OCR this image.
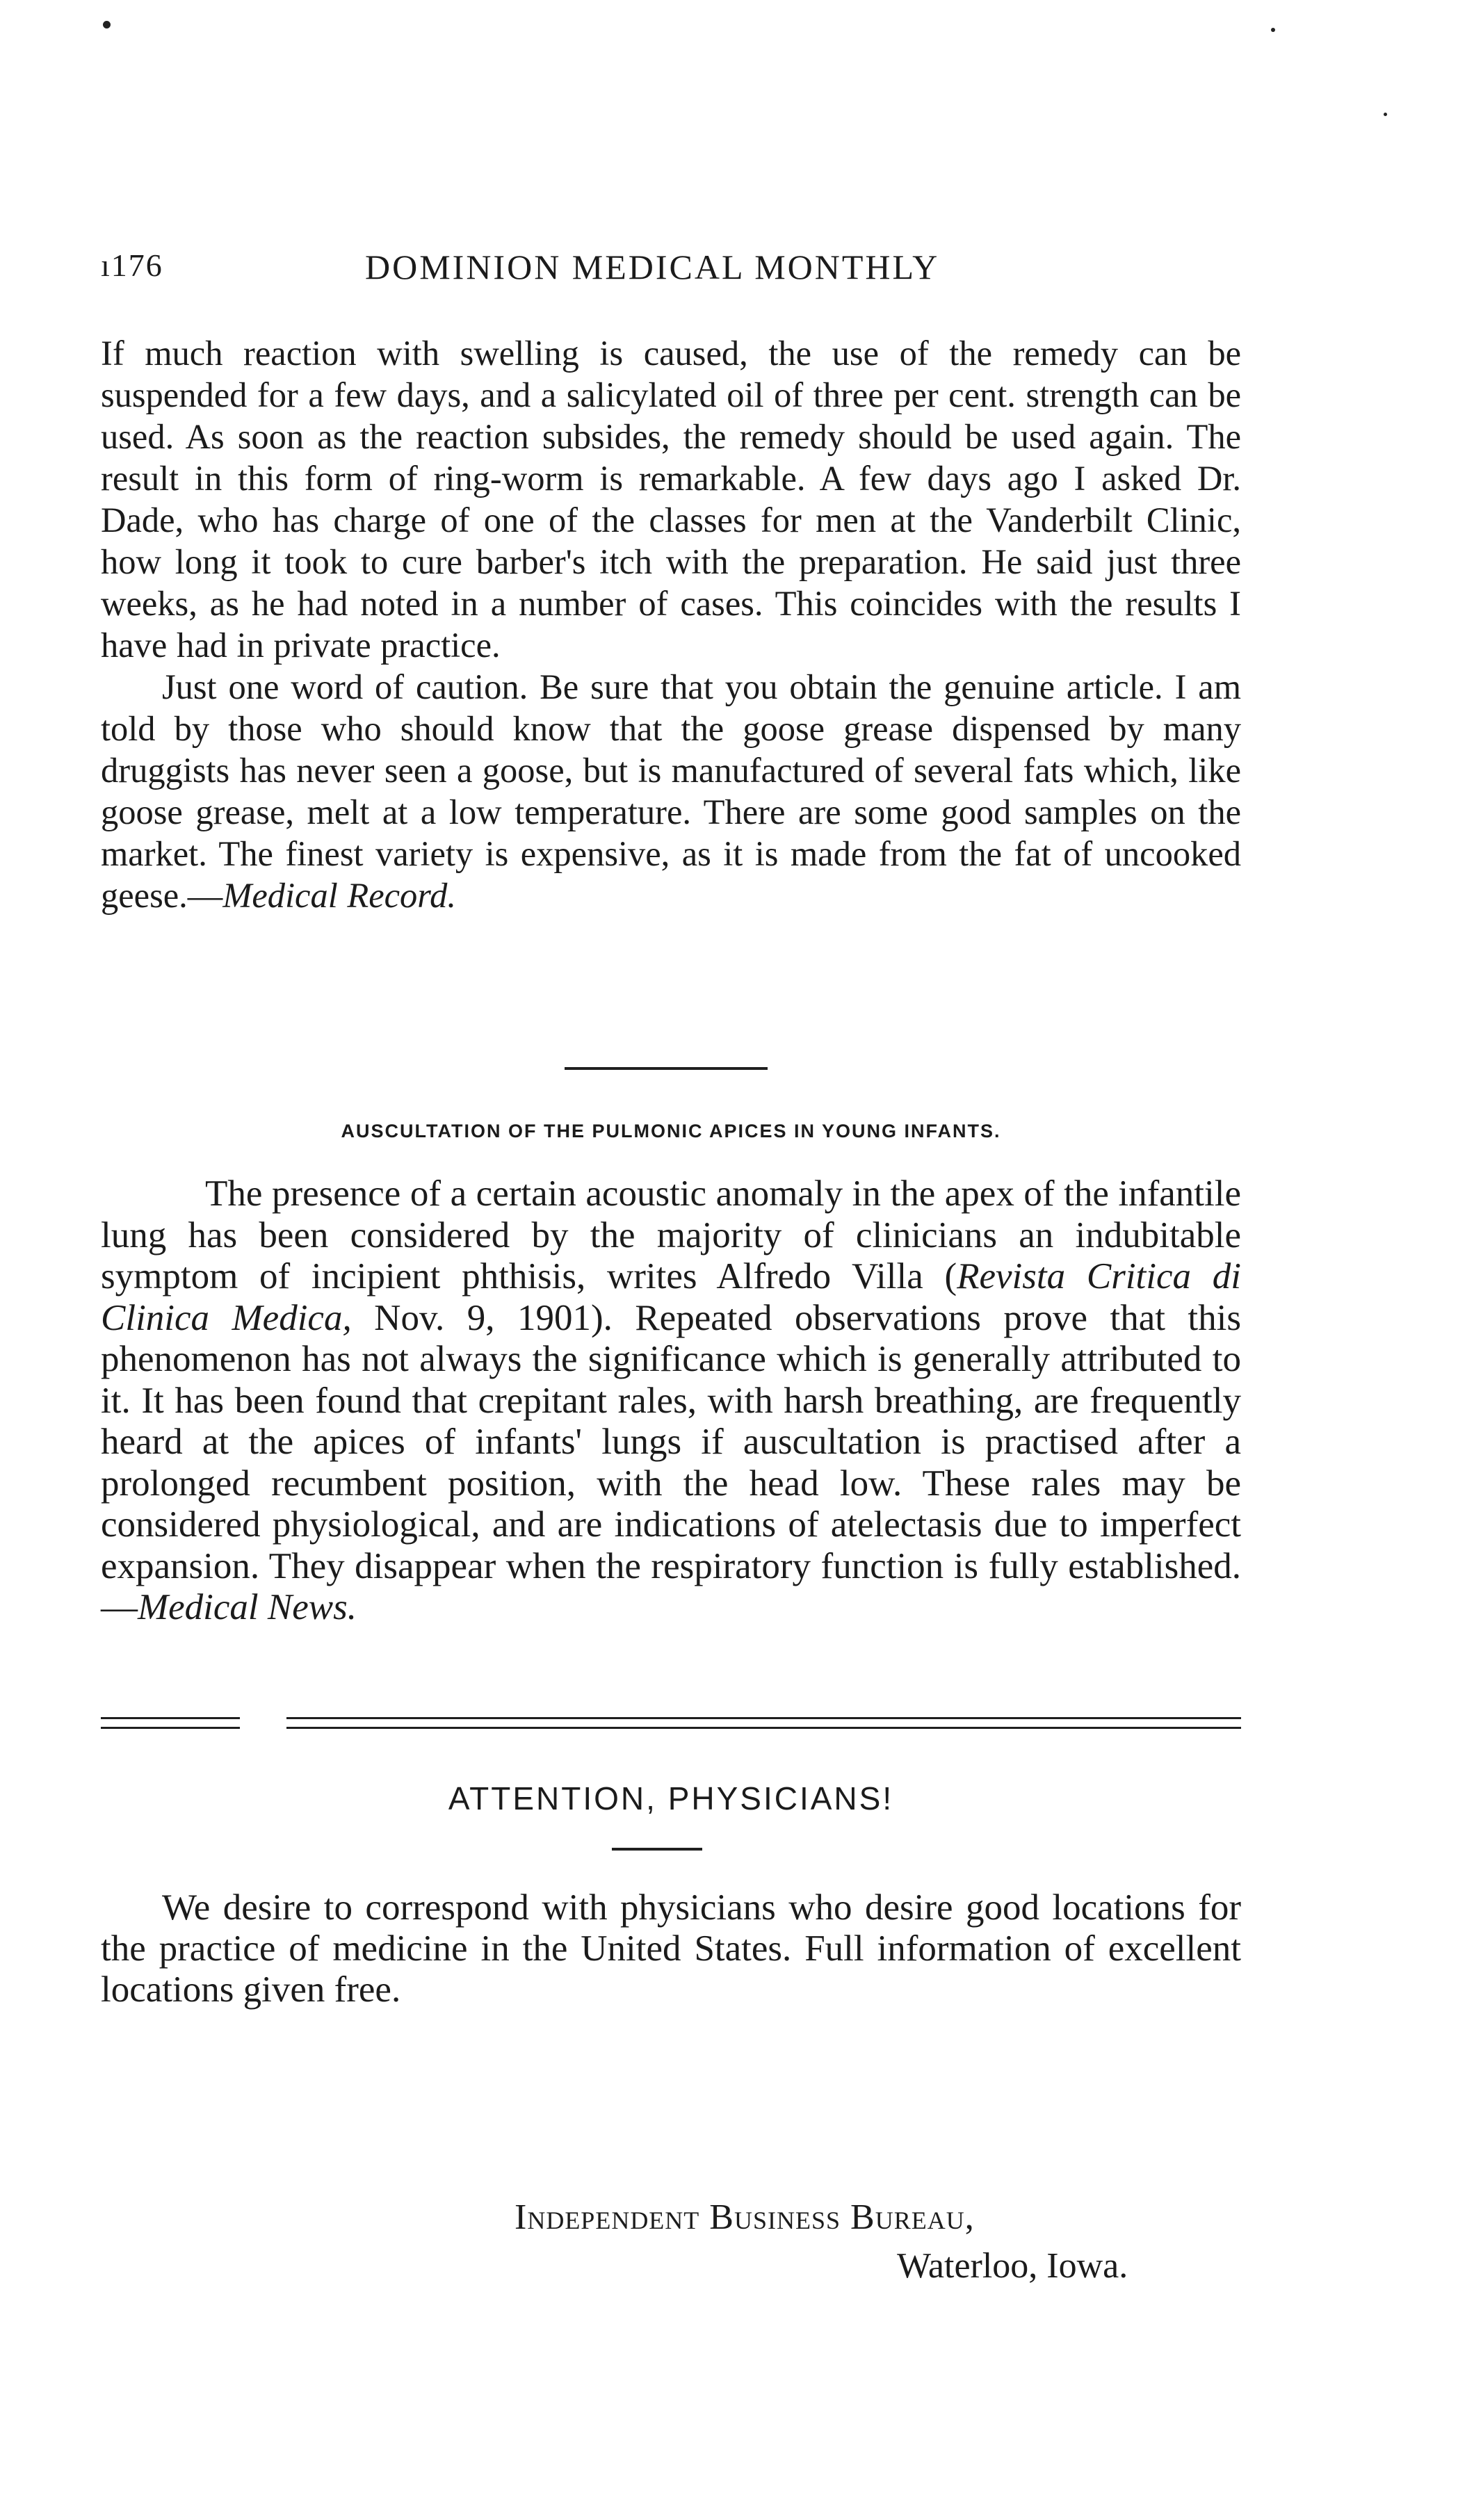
ı176	DOMINION MEDICAL MONTHLY

If much reaction with swelling is caused, the use of the remedy can be suspended for a few days, and a salicylated oil of three per cent. strength can be used. As soon as the reaction subsides, the remedy should be used again. The result in this form of ring-worm is remarkable. A few days ago I asked Dr. Dade, who has charge of one of the classes for men at the Vanderbilt Clinic, how long it took to cure barber's itch with the preparation. He said just three weeks, as he had noted in a number of cases. This coincides with the results I have had in private practice.

Just one word of caution. Be sure that you obtain the genuine article. I am told by those who should know that the goose grease dispensed by many druggists has never seen a goose, but is manufactured of several fats which, like goose grease, melt at a low temperature. There are some good samples on the market. The finest variety is expensive, as it is made from the fat of uncooked geese.—Medical Record.

AUSCULTATION OF THE PULMONIC APICES IN YOUNG INFANTS.

The presence of a certain acoustic anomaly in the apex of the infantile lung has been considered by the majority of clinicians an indubitable symptom of incipient phthisis, writes Alfredo Villa (Revista Critica di Clinica Medica, Nov. 9, 1901). Repeated observations prove that this phenomenon has not always the significance which is generally attributed to it. It has been found that crepitant rales, with harsh breathing, are frequently heard at the apices of infants' lungs if auscultation is practised after a prolonged recumbent position, with the head low. These rales may be considered physiological, and are indications of atelectasis due to imperfect expansion. They disappear when the respiratory function is fully established.—Medical News.

ATTENTION, PHYSICIANS!

We desire to correspond with physicians who desire good locations for the practice of medicine in the United States. Full information of excellent locations given free.

Independent Business Bureau,
Waterloo, Iowa.
